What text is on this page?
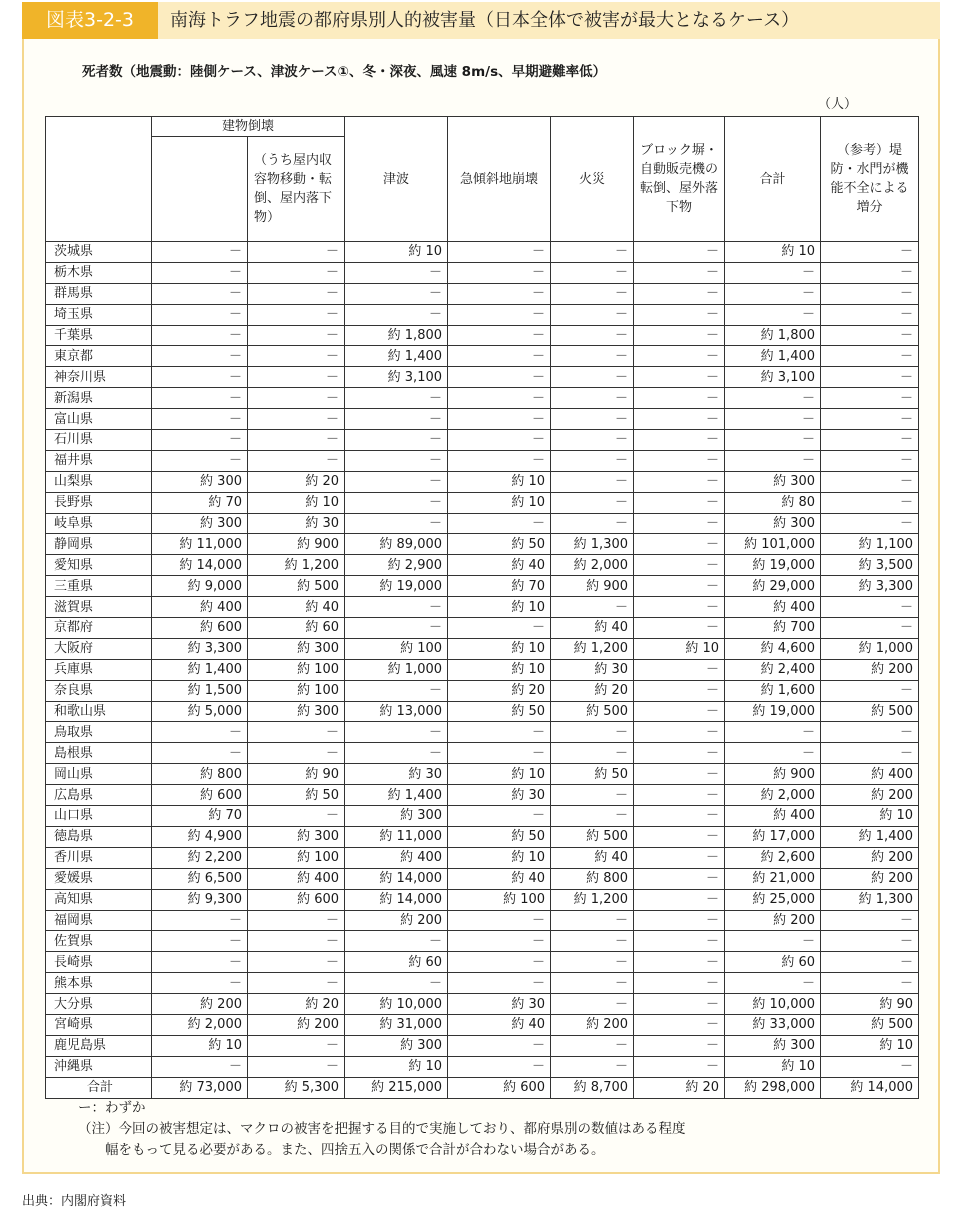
図表3-2-3	南海トラフ地震の都府県別人的被害量（日本全体で被害が最大となるケース）
死者数（地震動：陸側ケース、津波ケース①、冬・深夜、風速 8m/s、早期避難率低）
（人）
	建物倒壊		津波	急傾斜地崩壊	火災	ブロック塀・自動販売機の転倒、屋外落下物	合計	（参考）堤防・水門が機能不全による増分
		（うち屋内収容物移動・転倒、屋内落下物）						
茨城県	－	－	約 10	－	－	－	約 10	－
栃木県	－	－	－	－	－	－	－	－
群馬県	－	－	－	－	－	－	－	－
埼玉県	－	－	－	－	－	－	－	－
千葉県	－	－	約 1,800	－	－	－	約 1,800	－
東京都	－	－	約 1,400	－	－	－	約 1,400	－
神奈川県	－	－	約 3,100	－	－	－	約 3,100	－
新潟県	－	－	－	－	－	－	－	－
富山県	－	－	－	－	－	－	－	－
石川県	－	－	－	－	－	－	－	－
福井県	－	－	－	－	－	－	－	－
山梨県	約 300	約 20	－	約 10	－	－	約 300	－
長野県	約 70	約 10	－	約 10	－	－	約 80	－
岐阜県	約 300	約 30	－	－	－	－	約 300	－
静岡県	約 11,000	約 900	約 89,000	約 50	約 1,300	－	約 101,000	約 1,100
愛知県	約 14,000	約 1,200	約 2,900	約 40	約 2,000	－	約 19,000	約 3,500
三重県	約 9,000	約 500	約 19,000	約 70	約 900	－	約 29,000	約 3,300
滋賀県	約 400	約 40	－	約 10	－	－	約 400	－
京都府	約 600	約 60	－	－	約 40	－	約 700	－
大阪府	約 3,300	約 300	約 100	約 10	約 1,200	約 10	約 4,600	約 1,000
兵庫県	約 1,400	約 100	約 1,000	約 10	約 30	－	約 2,400	約 200
奈良県	約 1,500	約 100	－	約 20	約 20	－	約 1,600	－
和歌山県	約 5,000	約 300	約 13,000	約 50	約 500	－	約 19,000	約 500
鳥取県	－	－	－	－	－	－	－	－
島根県	－	－	－	－	－	－	－	－
岡山県	約 800	約 90	約 30	約 10	約 50	－	約 900	約 400
広島県	約 600	約 50	約 1,400	約 30	－	－	約 2,000	約 200
山口県	約 70	－	約 300	－	－	－	約 400	約 10
徳島県	約 4,900	約 300	約 11,000	約 50	約 500	－	約 17,000	約 1,400
香川県	約 2,200	約 100	約 400	約 10	約 40	－	約 2,600	約 200
愛媛県	約 6,500	約 400	約 14,000	約 40	約 800	－	約 21,000	約 200
高知県	約 9,300	約 600	約 14,000	約 100	約 1,200	－	約 25,000	約 1,300
福岡県	－	－	約 200	－	－	－	約 200	－
佐賀県	－	－	－	－	－	－	－	－
長崎県	－	－	約 60	－	－	－	約 60	－
熊本県	－	－	－	－	－	－	－	－
大分県	約 200	約 20	約 10,000	約 30	－	－	約 10,000	約 90
宮崎県	約 2,000	約 200	約 31,000	約 40	約 200	－	約 33,000	約 500
鹿児島県	約 10	－	約 300	－	－	－	約 300	約 10
沖縄県	－	－	約 10	－	－	－	約 10	－
合計	約 73,000	約 5,300	約 215,000	約 600	約 8,700	約 20	約 298,000	約 14,000
ー：わずか
（注）今回の被害想定は、マクロの被害を把握する目的で実施しており、都府県別の数値はある程度
　　幅をもって見る必要がある。また、四捨五入の関係で合計が合わない場合がある。
出典：内閣府資料
